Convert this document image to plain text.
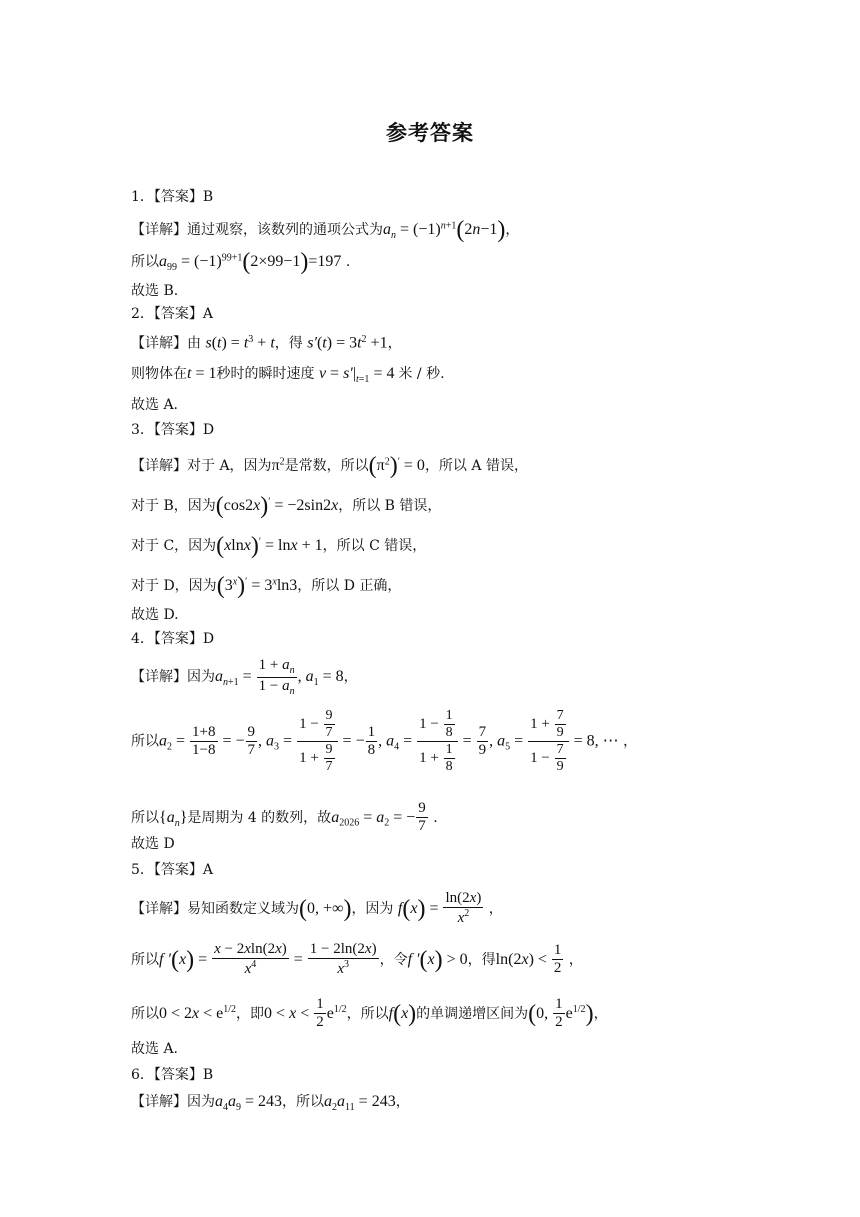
参考答案
1．【答案】B
【详解】通过观察，该数列的通项公式为$a_n = (-1)^{n+1}(2n-1)$，
所以$a_{99} = (-1)^{99+1}(2\times 99-1)=197$ .
故选 B.
2．【答案】A
【详解】由 $s(t) = t^3 + t$，得 $s'(t) = 3t^2 +1$，
则物体在t = 1秒时的瞬时速度 $v = s'|_{t=1} = 4$ 米 / 秒.
故选 A.
3．【答案】D
【详解】对于 A，因为$\pi^2$是常数，所以$(\pi^2)' = 0$，所以 A 错误，
对于 B，因为(cos2x)′ = −2sin2x，所以 B 错误，
对于 C，因为(xlnx)′ = lnx + 1，所以 C 错误，
对于 D，因为$(3^x)' = 3^x\ln 3$，所以 D 正确，
故选 D.
4．【答案】D
【详解】因为$a_{n+1} = \frac{1 + a_n}{1 - a_n}$ , $a_1 = 8$，
所以$a_2 = \frac{1+8}{1-8}$ = − $\frac{9}{7}$ , $a_3 = \frac{1 - \frac{9}{7}}{1 + \frac{9}{7}}$ = − $\frac{1}{8}$ , $a_4 = \frac{1 - \frac{1}{8}}{1 + \frac{1}{8}} = \frac{7}{9}$ , $a_5 = \frac{1 + \frac{7}{9}}{1 - \frac{7}{9}} = 8$, ⋯ ，
所以$\{a_n\}$是周期为 4 的数列，故$a_{2026} = a_2$ = − $\frac{9}{7}$ .
故选 D
5．【答案】A
【详解】易知函数定义域为(0, +∞)，因为 $f(x) = \frac{\ln(2x)}{x^2}$ ，
所以f $'(x) = \frac{x - 2xln(2x)}{x^4} = \frac{1 - 2\ln(2x)}{x^3}$ ，令f ′(x) > 0，得$\ln(2x) < \frac{1}{2}$ ，
所以$0 < 2x < e^{1/2}$，即$0 < x < \frac{1}{2} e^{1/2}$，所以f(x)的单调递增区间为(0, $\frac{1}{2} e^{1/2}$)，
故选 A.
6．【答案】B
【详解】因为$a_4a_9 = 243$，所以$a_2a_{11} = 243$，
